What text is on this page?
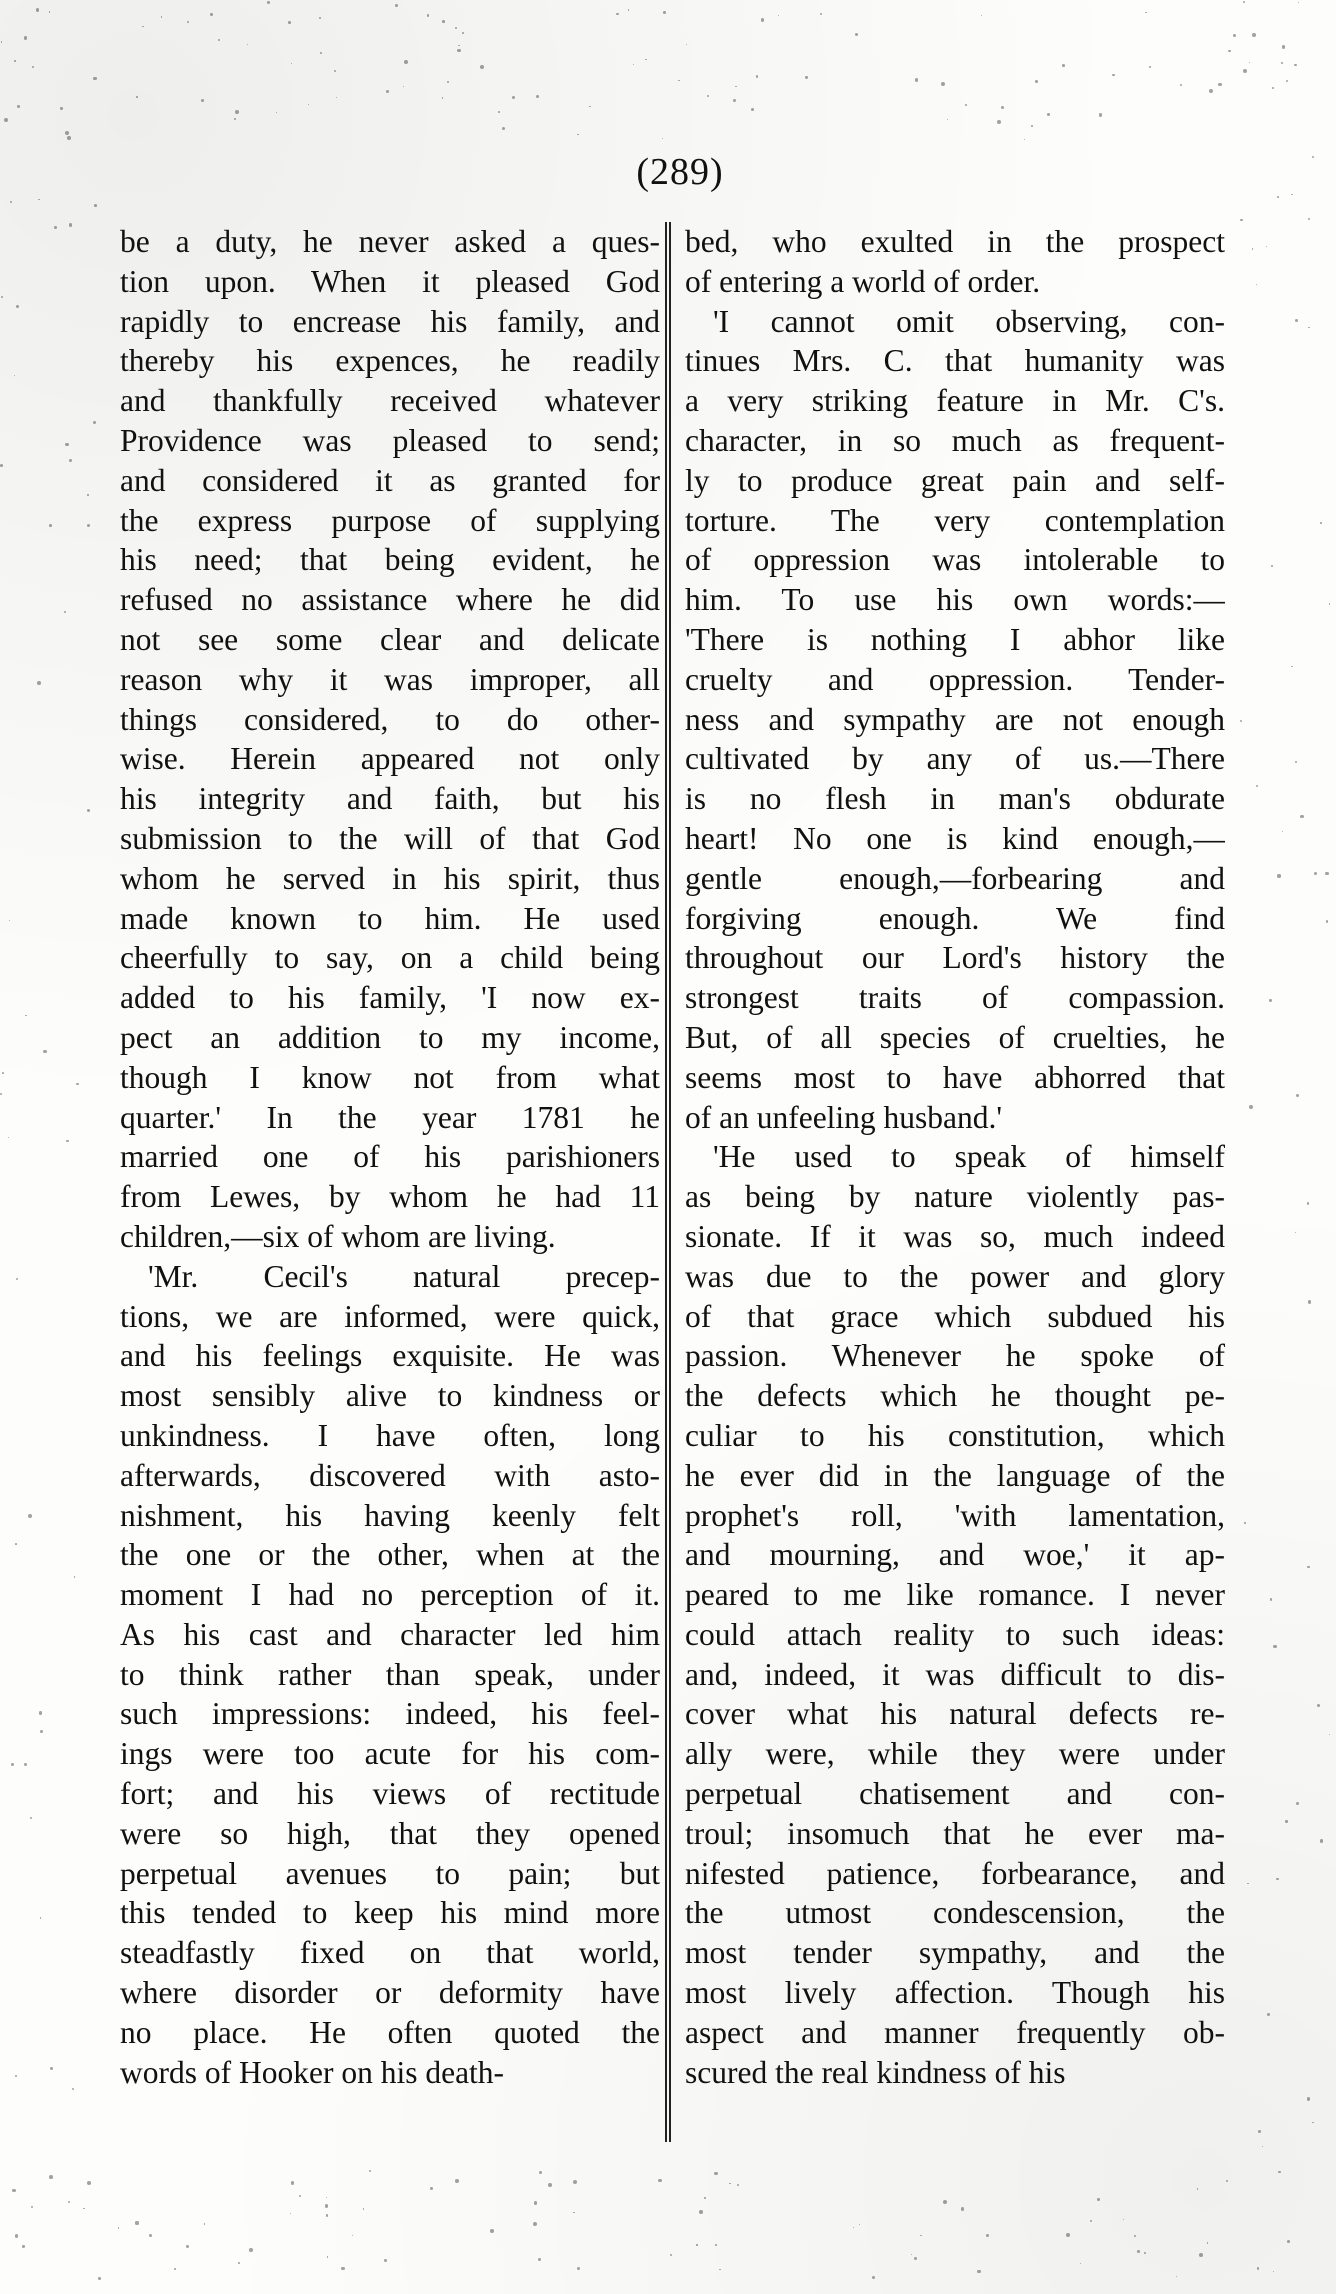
(289)
be a duty, he never asked a ques-
tion upon. When it pleased God
rapidly to encrease his family, and
thereby his expences, he readily
and thankfully received whatever
Providence was pleased to send;
and considered it as granted for
the express purpose of supplying
his need; that being evident, he
refused no assistance where he did
not see some clear and delicate
reason why it was improper, all
things considered, to do other-
wise. Herein appeared not only
his integrity and faith, but his
submission to the will of that God
whom he served in his spirit, thus
made known to him. He used
cheerfully to say, on a child being
added to his family, 'I now ex-
pect an addition to my income,
though I know not from what
quarter.' In the year 1781 he
married one of his parishioners
from Lewes, by whom he had 11
children,—six of whom are living.
'Mr. Cecil's natural precep-
tions, we are informed, were quick,
and his feelings exquisite. He was
most sensibly alive to kindness or
unkindness. I have often, long
afterwards, discovered with asto-
nishment, his having keenly felt
the one or the other, when at the
moment I had no perception of it.
As his cast and character led him
to think rather than speak, under
such impressions: indeed, his feel-
ings were too acute for his com-
fort; and his views of rectitude
were so high, that they opened
perpetual avenues to pain; but
this tended to keep his mind more
steadfastly fixed on that world,
where disorder or deformity have
no place. He often quoted the
words of Hooker on his death-
bed, who exulted in the prospect
of entering a world of order.
'I cannot omit observing, con-
tinues Mrs. C. that humanity was
a very striking feature in Mr. C's.
character, in so much as frequent-
ly to produce great pain and self-
torture. The very contemplation
of oppression was intolerable to
him. To use his own words:—
'There is nothing I abhor like
cruelty and oppression. Tender-
ness and sympathy are not enough
cultivated by any of us.—There
is no flesh in man's obdurate
heart! No one is kind enough,—
gentle enough,—forbearing and
forgiving enough. We find
throughout our Lord's history the
strongest traits of compassion.
But, of all species of cruelties, he
seems most to have abhorred that
of an unfeeling husband.'
'He used to speak of himself
as being by nature violently pas-
sionate. If it was so, much indeed
was due to the power and glory
of that grace which subdued his
passion. Whenever he spoke of
the defects which he thought pe-
culiar to his constitution, which
he ever did in the language of the
prophet's roll, 'with lamentation,
and mourning, and woe,' it ap-
peared to me like romance. I never
could attach reality to such ideas:
and, indeed, it was difficult to dis-
cover what his natural defects re-
ally were, while they were under
perpetual chatisement and con-
troul; insomuch that he ever ma-
nifested patience, forbearance, and
the utmost condescension, the
most tender sympathy, and the
most lively affection. Though his
aspect and manner frequently ob-
scured the real kindness of his
